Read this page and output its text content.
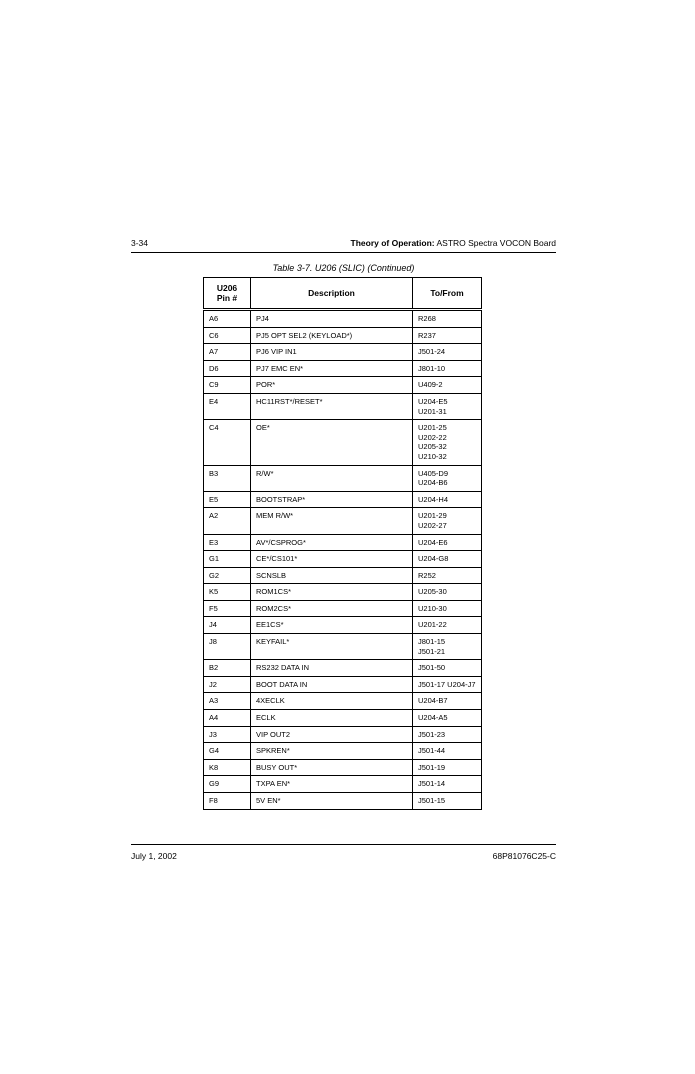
3-34	Theory of Operation: ASTRO Spectra VOCON Board
Table 3-7. U206 (SLIC) (Continued)
U206
Pin #	Description	To/From
A6	PJ4	R268
C6	PJ5 OPT SEL2 (KEYLOAD*)	R237
A7	PJ6 VIP IN1	J501-24
D6	PJ7 EMC EN*	J801-10
C9	POR*	U409-2
E4	HC11RST*/RESET*	U204-E5
U201-31
C4	OE*	U201-25
U202-22
U205-32
U210-32
B3	R/W*	U405-D9
U204-B6
E5	BOOTSTRAP*	U204-H4
A2	MEM R/W*	U201-29
U202-27
E3	AV*/CSPROG*	U204-E6
G1	CE*/CS101*	U204-G8
G2	SCNSLB	R252
K5	ROM1CS*	U205-30
F5	ROM2CS*	U210-30
J4	EE1CS*	U201-22
J8	KEYFAIL*	J801-15
J501-21
B2	RS232 DATA IN	J501-50
J2	BOOT DATA IN	J501-17 U204-J7
A3	4XECLK	U204-B7
A4	ECLK	U204-A5
J3	VIP OUT2	J501-23
G4	SPKREN*	J501-44
K8	BUSY OUT*	J501-19
G9	TXPA EN*	J501-14
F8	5V EN*	J501-15
July 1, 2002	68P81076C25-C
